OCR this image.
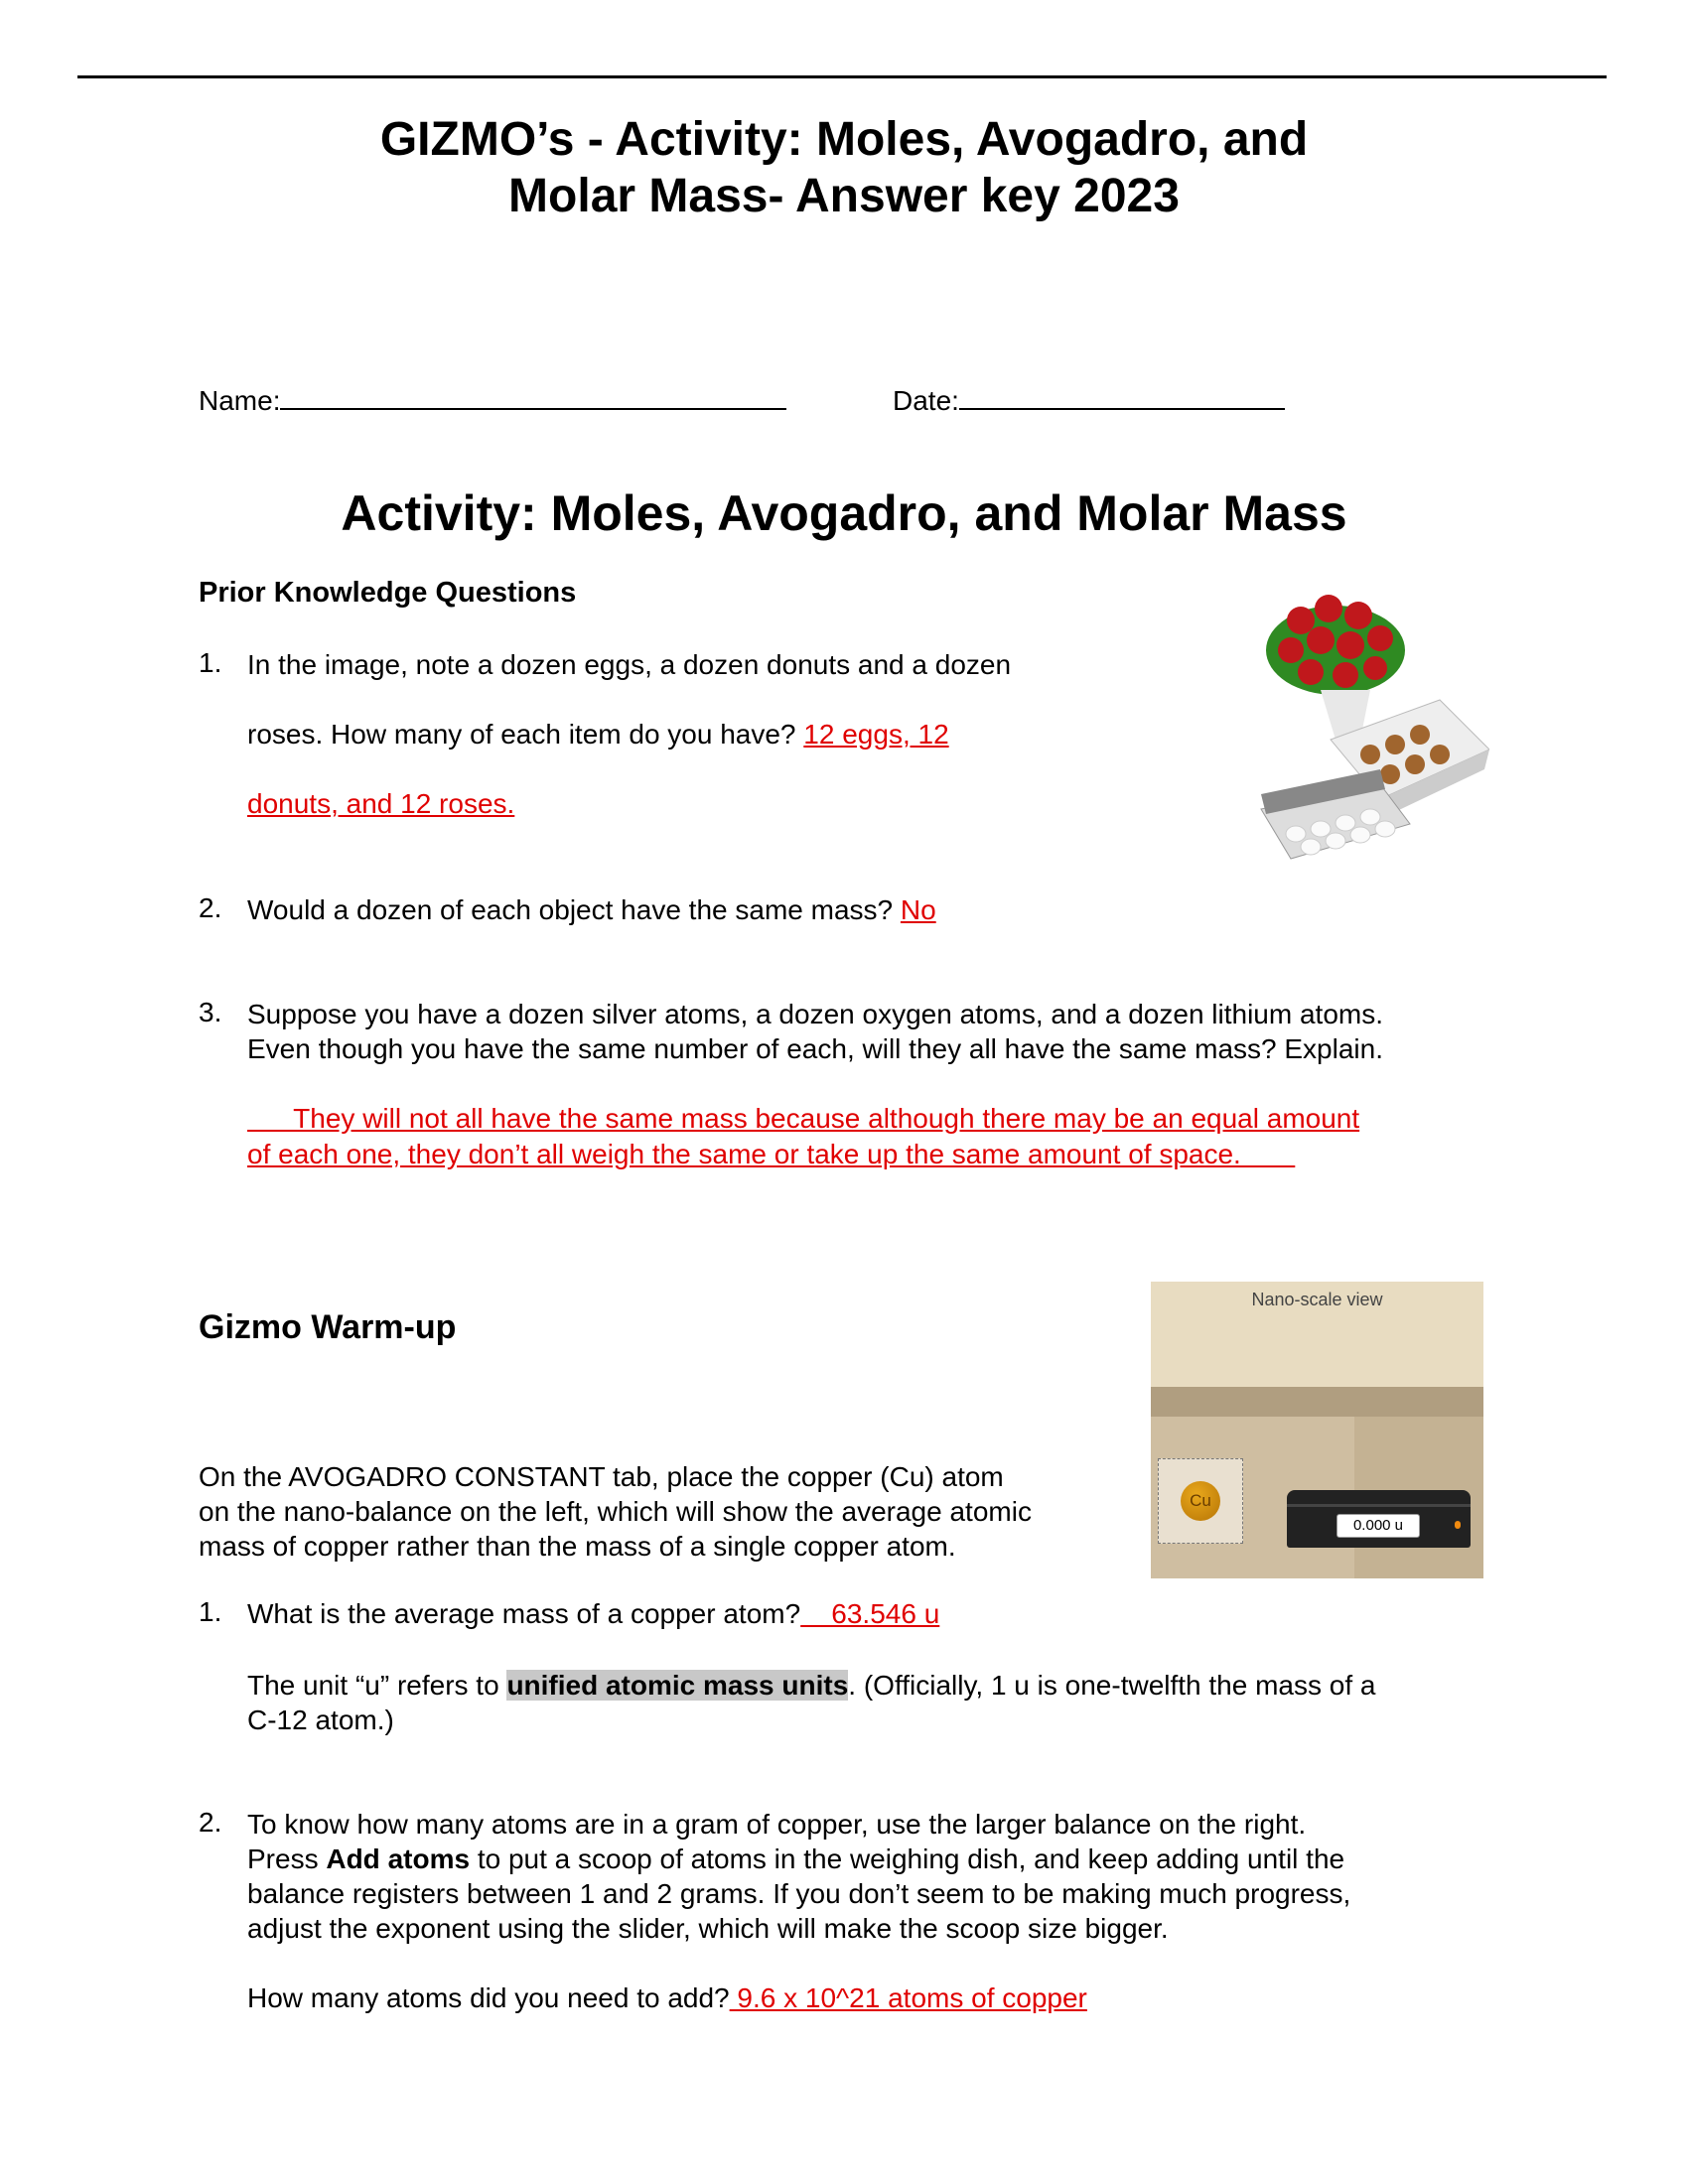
GIZMO’s - Activity: Moles, Avogadro, and
Molar Mass- Answer key 2023
Name:	Date:
Activity: Moles, Avogadro, and Molar Mass
Prior Knowledge Questions
1. In the image, note a dozen eggs, a dozen donuts and a dozen
roses. How many of each item do you have? 12 eggs, 12
donuts, and 12 roses.
2. Would a dozen of each object have the same mass? No
3. Suppose you have a dozen silver atoms, a dozen oxygen atoms, and a dozen lithium atoms.
Even though you have the same number of each, will they all have the same mass? Explain.
They will not all have the same mass because although there may be an equal amount
of each one, they don’t all weigh the same or take up the same amount of space.
Gizmo Warm-up
On the AVOGADRO CONSTANT tab, place the copper (Cu) atom
on the nano-balance on the left, which will show the average atomic
mass of copper rather than the mass of a single copper atom.
Nano-scale view
Cu
0.000 u
1. What is the average mass of a copper atom?    63.546 u
The unit “u” refers to unified atomic mass units. (Officially, 1 u is one-twelfth the mass of a
C-12 atom.)
2. To know how many atoms are in a gram of copper, use the larger balance on the right.
Press Add atoms to put a scoop of atoms in the weighing dish, and keep adding until the
balance registers between 1 and 2 grams. If you don’t seem to be making much progress,
adjust the exponent using the slider, which will make the scoop size bigger.
How many atoms did you need to add? 9.6 x 10^21 atoms of copper
